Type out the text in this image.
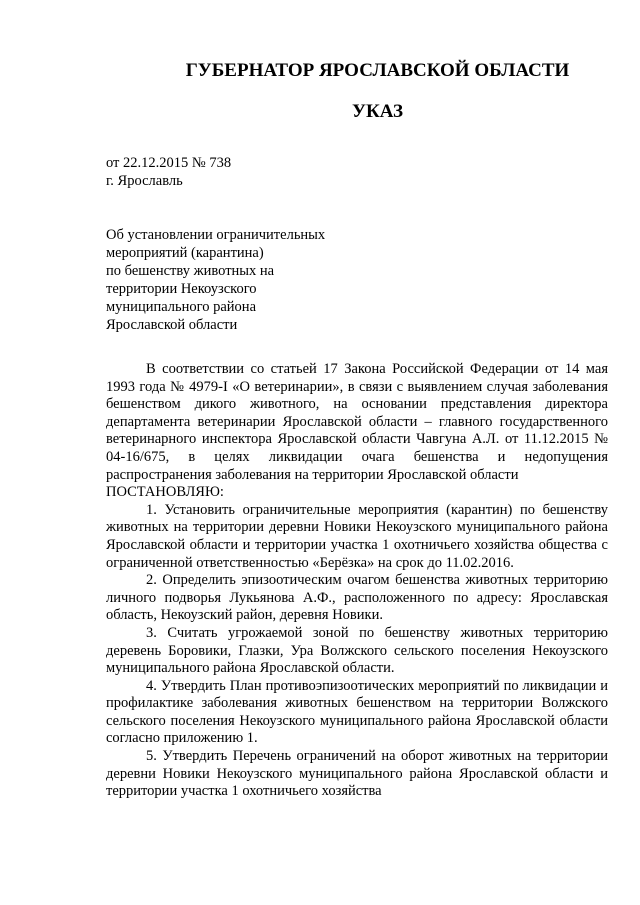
ГУБЕРНАТОР ЯРОСЛАВСКОЙ ОБЛАСТИ
УКАЗ

от 22.12.2015 № 738

г. Ярославль

Об установлении ограничительных

мероприятий (карантина)

по бешенству животных на

территории Некоузского

муниципального района

Ярославской области

В соответствии со статьей 17 Закона Российской Федерации от 14 мая 1993 года № 4979-I «О ветеринарии», в связи с выявлением случая заболевания бешенством дикого животного, на основании представления директора департамента ветеринарии Ярославской области – главного государственного ветеринарного инспектора Ярославской области Чавгуна А.Л. от 11.12.2015 № 04-16/675, в целях ликвидации очага бешенства и недопущения распространения заболевания на территории Ярославской области

ПОСТАНОВЛЯЮ:

1. Установить ограничительные мероприятия (карантин) по бешенству животных на территории деревни Новики Некоузского муниципального района Ярославской области и территории участка 1 охотничьего хозяйства общества с ограниченной ответственностью «Берёзка» на срок до 11.02.2016.

2. Определить эпизоотическим очагом бешенства животных территорию личного подворья Лукьянова А.Ф., расположенного по адресу: Ярославская область, Некоузский район, деревня Новики.

3. Считать угрожаемой зоной по бешенству животных территорию деревень Боровики, Глазки, Ура Волжского сельского поселения Некоузского муниципального района Ярославской области.

4. Утвердить План противоэпизоотических мероприятий по ликвидации и профилактике заболевания животных бешенством на территории Волжского сельского поселения Некоузского муниципального района Ярославской области согласно приложению 1.

5. Утвердить Перечень ограничений на оборот животных на территории деревни Новики Некоузского муниципального района Ярославской области и территории участка 1 охотничьего хозяйства
